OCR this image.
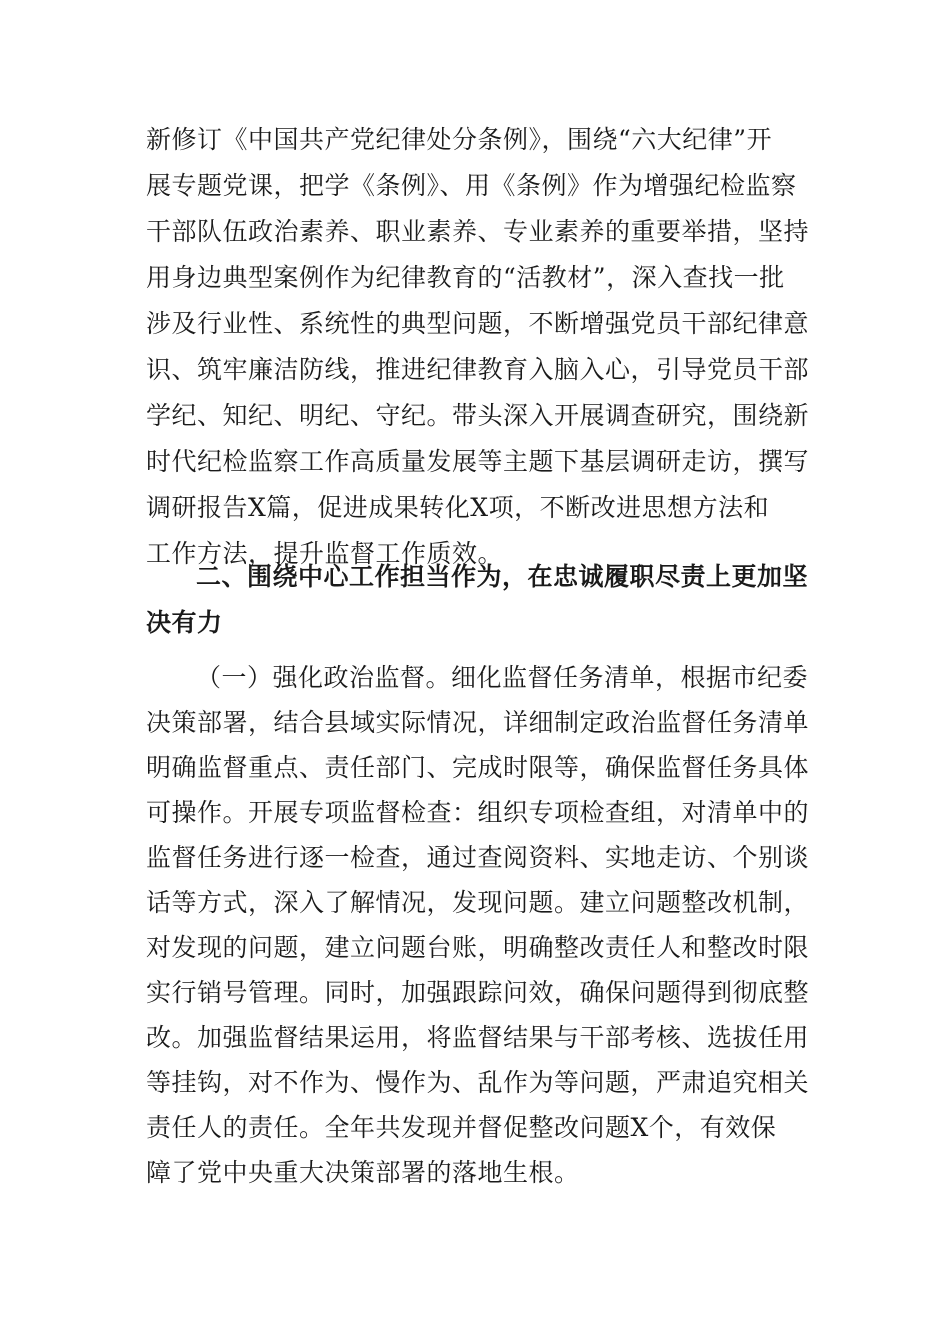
新修订《中国共产党纪律处分条例》，围绕“六大纪律”开
展专题党课，把学《条例》、用《条例》作为增强纪检监察
干部队伍政治素养、职业素养、专业素养的重要举措，坚持
用身边典型案例作为纪律教育的“活教材”，深入查找一批
涉及行业性、系统性的典型问题，不断增强党员干部纪律意
识、筑牢廉洁防线，推进纪律教育入脑入心，引导党员干部
学纪、知纪、明纪、守纪。带头深入开展调查研究，围绕新
时代纪检监察工作高质量发展等主题下基层调研走访，撰写
调研报告X篇，促进成果转化X项，不断改进思想方法和
工作方法，提升监督工作质效。
二、围绕中心工作担当作为，在忠诚履职尽责上更加坚
决有力
（一）强化政治监督。细化监督任务清单，根据市纪委
决策部署，结合县域实际情况，详细制定政治监督任务清单
明确监督重点、责任部门、完成时限等，确保监督任务具体
可操作。开展专项监督检查：组织专项检查组，对清单中的
监督任务进行逐一检查，通过查阅资料、实地走访、个别谈
话等方式，深入了解情况，发现问题。建立问题整改机制，
对发现的问题，建立问题台账，明确整改责任人和整改时限
实行销号管理。同时，加强跟踪问效，确保问题得到彻底整
改。加强监督结果运用，将监督结果与干部考核、选拔任用
等挂钩，对不作为、慢作为、乱作为等问题，严肃追究相关
责任人的责任。全年共发现并督促整改问题X个，有效保
障了党中央重大决策部署的落地生根。
